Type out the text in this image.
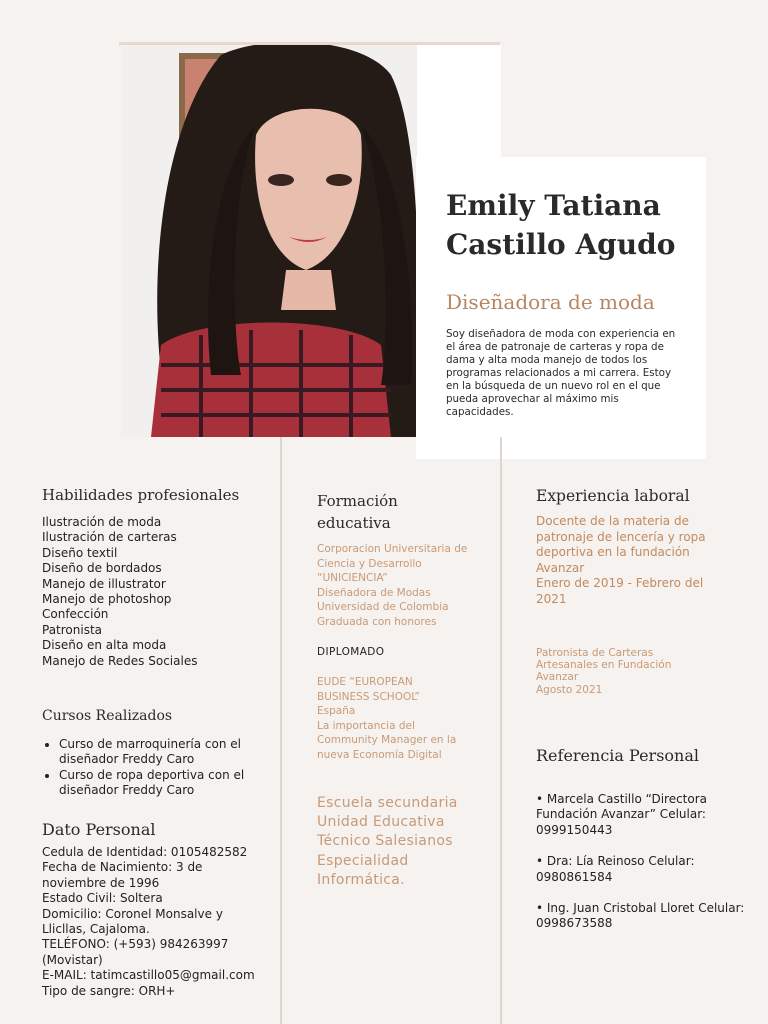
Emily Tatiana
Castillo Agudo

Diseñadora de moda

Soy diseñadora de moda con experiencia en el área de patronaje de carteras y ropa de dama y alta moda manejo de todos los programas relacionados a mi carrera. Estoy en la búsqueda de un nuevo rol en el que pueda aprovechar al máximo mis capacidades.

Habilidades profesionales
Ilustración de moda
Ilustración de carteras
Diseño textil
Diseño de bordados
Manejo de illustrator
Manejo de photoshop
Confección
Patronista
Diseño en alta moda
Manejo de Redes Sociales
Cursos Realizados
• Curso de marroquinería con el diseñador Freddy Caro
• Curso de ropa deportiva con el diseñador Freddy Caro
Dato Personal
Cedula de Identidad: 0105482582
Fecha de Nacimiento: 3 de noviembre de 1996
Estado Civil: Soltera
Domicilio: Coronel Monsalve y Llicllas, Cajaloma.
TELÉFONO: (+593) 984263997 (Movistar)
E-MAIL: tatimcastillo05@gmail.com
Tipo de sangre: ORH+
Formación
educativa
Corporacion Universitaria de Ciencia y Desarrollo
“UNICIENCIA”
Diseñadora de Modas
Universidad de Colombia
Graduada con honores
DIPLOMADO
EUDE “EUROPEAN BUSINESS SCHOOL”
España
La importancia del Community Manager en la nueva Economía Digital
Escuela secundaria
Unidad Educativa Técnico Salesianos
Especialidad Informática.
Experiencia laboral
Docente de la materia de patronaje de lencería y ropa deportiva en la fundación Avanzar
Enero de 2019 - Febrero del 2021
Patronista de Carteras Artesanales en Fundación Avanzar
Agosto 2021
Referencia Personal
• Marcela Castillo “Directora Fundación Avanzar” Celular: 0999150443
• Dra: Lía Reinoso Celular: 0980861584
• Ing. Juan Cristobal Lloret Celular: 0998673588
